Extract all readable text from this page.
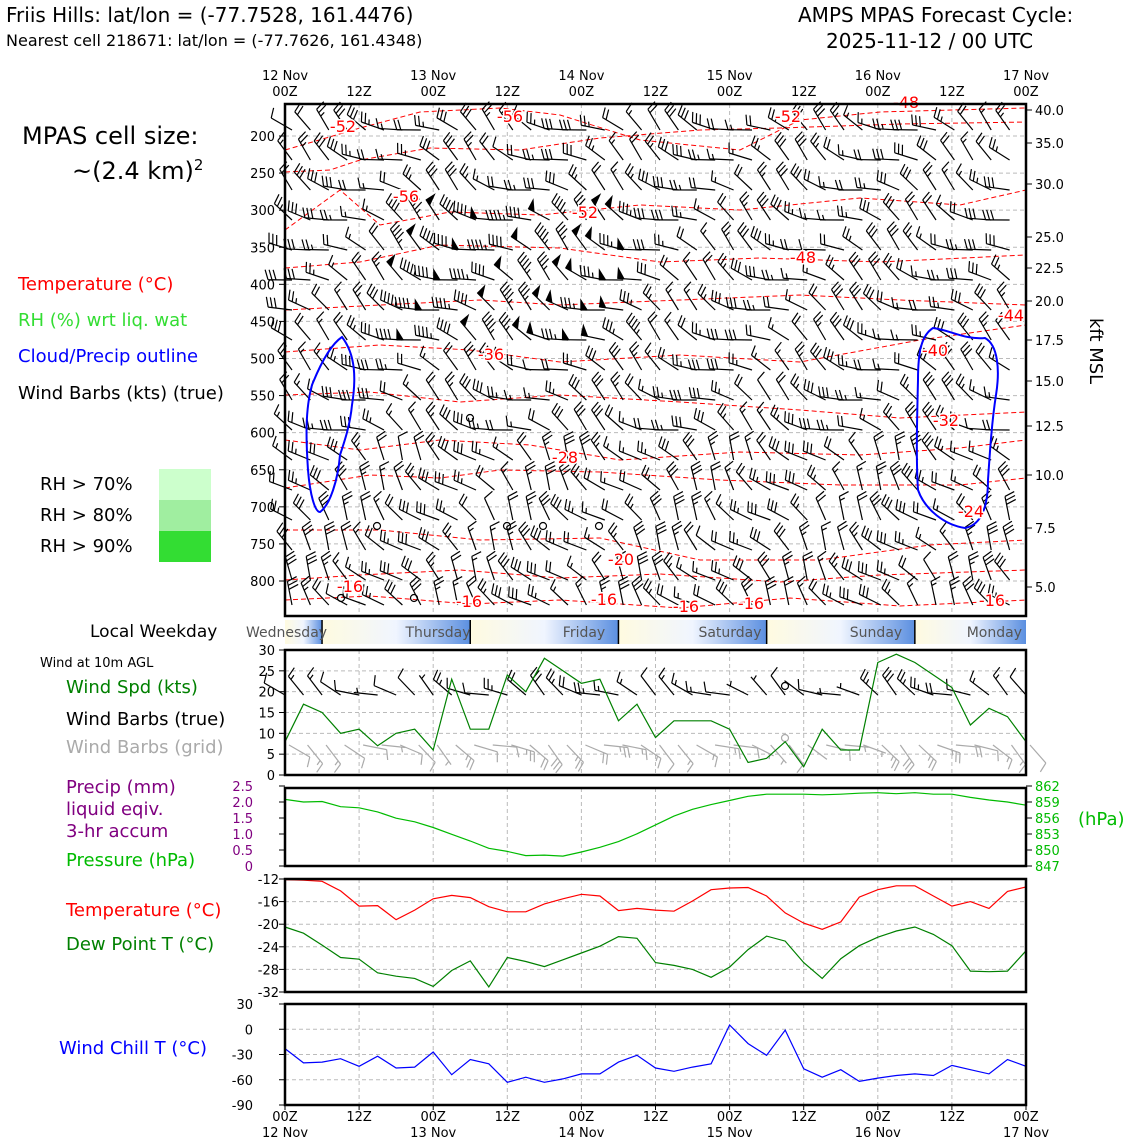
Friis Hills: lat/lon = (-77.7528, 161.4476)
Nearest cell 218671: lat/lon = (-77.7626, 161.4348)
AMPS MPAS Forecast Cycle:
2025-11-12 / 00 UTC
MPAS cell size:
~(2.4 km)$^2$
Temperature (°C)
RH (%) wrt liq. wat
Cloud/Precip outline
Wind Barbs (kts) (true)
RH > 70%
RH > 80%
RH > 90%
Local Weekday
Wind at 10m AGL
Wind Spd (kts)
Wind Barbs (true)
Wind Barbs (grid)
Precip (mm)
liquid eqiv.
3-hr accum
Pressure (hPa)
Temperature (°C)
Dew Point T (°C)
Wind Chill T (°C)
(hPa)
kft MSL
12 Nov
00Z	12Z
13 Nov
00Z	12Z
14 Nov
00Z	12Z
15 Nov
00Z	12Z
16 Nov
00Z	12Z
17 Nov
00Z
-52
-56	-52
-48
-56
-52
-48
-44
-36	-40
-32
-28
-24
-20
-16
-16	-16	-16 -16	-16
200
250
300
350
400
450
500
550
600
650
700
750
800
40.0
35.0
30.0
25.0
22.5
20.0
17.5
15.0
12.5
10.0
7.5
5.0
Wednesday	Thursday	Friday	Saturday	Sunday	Monday
0
5
10
15
20
25
30
0
0.5
1.0
1.5
2.0
2.5
847
850
853
856
859
862
-12
-16
-20
-24
-28
-32
30
0
-30
-60
-90
00Z
12 Nov
12Z	00Z
13 Nov
12Z	00Z
14 Nov
12Z	00Z
15 Nov
12Z	00Z
16 Nov
12Z	00Z
17 Nov
